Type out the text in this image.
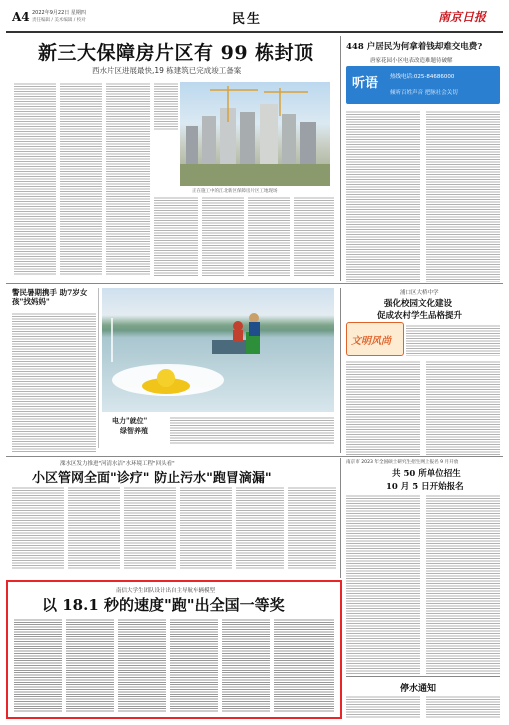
A4 2022年9月22日 星期四
责任编辑 / 美术编辑 / 校对	民生	南京日报
新三大保障房片区有 99 栋封顶
西水片区进展最快,19 栋建筑已完成竣工备案
正在施工中的江北新区保障房片区工地现场
448 户居民为何拿着钱却难交电费?
唐家花园小区电表改造难题待破解
听语 热线电话:025-84686000
倾听百姓声音 把脉社会关切
警民暑期携手 助7岁女孩"找妈妈"
电力"就位"
绿智养殖
浦口区大桥中学
强化校园文化建设
促成农村学生品格提升
文明风尚
溧水区发力推进"河清水洁"水环境工程"回头看"
小区管网全面"诊疗" 防止污水"跑冒滴漏"
南京市 2023 年全国硕士研究生招生网上报名 9 月开放
共 50 所单位招生
10 月 5 日开始报名
南信大学生团队设计出自主导航车辆模型
以 18.1 秒的速度"跑"出全国一等奖
停水通知
